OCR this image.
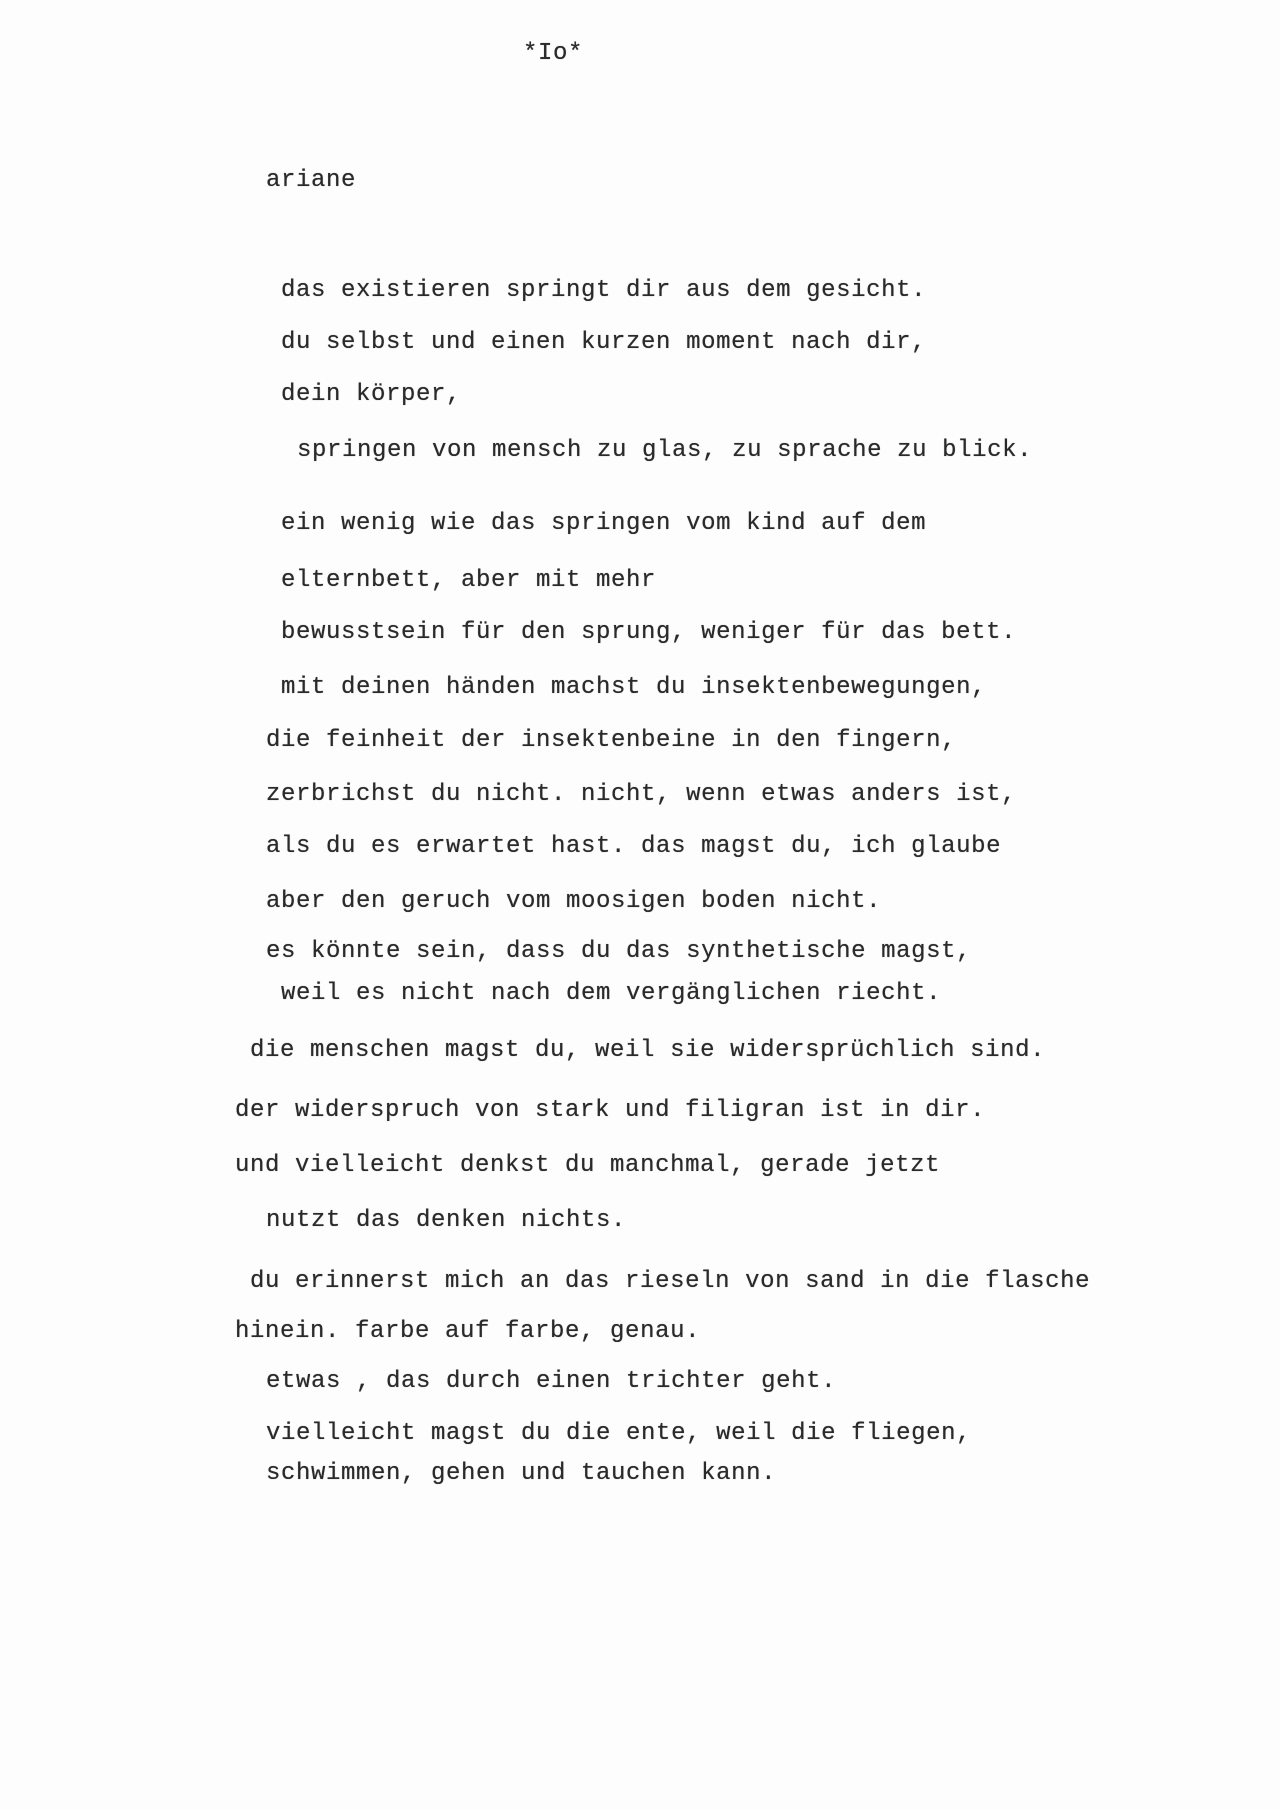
*Io*
ariane
das existieren springt dir aus dem gesicht.
du selbst und einen kurzen moment nach dir,
dein körper,
springen von mensch zu glas, zu sprache zu blick.
ein wenig wie das springen vom kind auf dem
elternbett, aber mit mehr
bewusstsein für den sprung, weniger für das bett.
mit deinen händen machst du insektenbewegungen,
die feinheit der insektenbeine in den fingern,
zerbrichst du nicht. nicht, wenn etwas anders ist,
als du es erwartet hast. das magst du, ich glaube
aber den geruch vom moosigen boden nicht.
es könnte sein, dass du das synthetische magst,
weil es nicht nach dem vergänglichen riecht.
die menschen magst du, weil sie widersprüchlich sind.
der widerspruch von stark und filigran ist in dir.
und vielleicht denkst du manchmal, gerade jetzt
nutzt das denken nichts.
du erinnerst mich an das rieseln von sand in die flasche
hinein. farbe auf farbe, genau.
etwas , das durch einen trichter geht.
vielleicht magst du die ente, weil die fliegen,
schwimmen, gehen und tauchen kann.
